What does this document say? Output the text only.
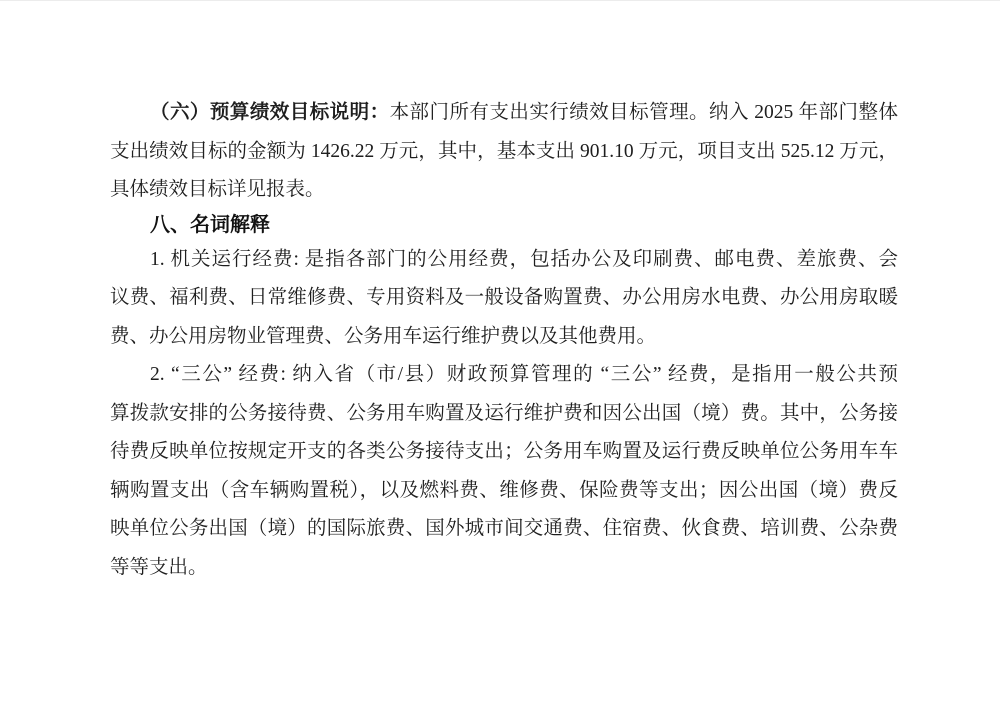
（六）预算绩效目标说明：本部门所有支出实行绩效目标管理。纳入 2025 年部门整体
支出绩效目标的金额为 1426.22 万元，其中，基本支出 901.10 万元，项目支出 525.12 万元，
具体绩效目标详见报表。

八、名词解释

1. 机关运行经费: 是指各部门的公用经费，包括办公及印刷费、邮电费、差旅费、会
议费、福利费、日常维修费、专用资料及一般设备购置费、办公用房水电费、办公用房取暖
费、办公用房物业管理费、公务用车运行维护费以及其他费用。

2. “三公” 经费: 纳入省（市/县）财政预算管理的 “三公” 经费，是指用一般公共预
算拨款安排的公务接待费、公务用车购置及运行维护费和因公出国（境）费。其中，公务接
待费反映单位按规定开支的各类公务接待支出；公务用车购置及运行费反映单位公务用车车
辆购置支出（含车辆购置税），以及燃料费、维修费、保险费等支出；因公出国（境）费反
映单位公务出国（境）的国际旅费、国外城市间交通费、住宿费、伙食费、培训费、公杂费
等等支出。
